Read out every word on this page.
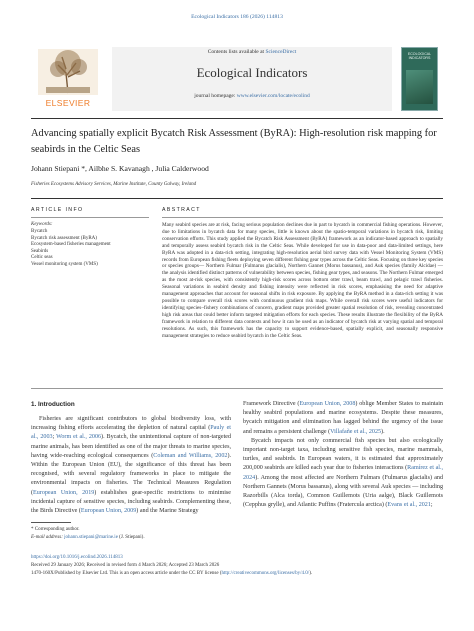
Ecological Indicators 186 (2026) 114813
ELSEVIER
Contents lists available at ScienceDirect
Ecological Indicators
journal homepage: www.elsevier.com/locate/ecolind
ECOLOGICAL INDICATORS
Advancing spatially explicit Bycatch Risk Assessment (ByRA): High-resolution risk mapping for seabirds in the Celtic Seas
Johann Stiepani *, Ailbhe S. Kavanagh , Julia Calderwood
Fisheries Ecosystems Advisory Services, Marine Institute, County Galway, Ireland
ARTICLE INFO	ABSTRACT
Keywords:
Bycatch
Bycatch risk assessment (ByRA)
Ecosystem-based fisheries management
Seabirds
Celtic seas
Vessel monitoring system (VMS)
Many seabird species are at risk, facing serious population declines due in part to bycatch in commercial fishing operations. However, due to limitations in bycatch data for many species, little is known about the spatio-temporal variations in bycatch risk, limiting conservation efforts. This study applied the Bycatch Risk Assessment (ByRA) framework as an indicator-based approach to spatially and temporally assess seabird bycatch risk in the Celtic Seas. While developed for use in data-poor and data-limited settings, here ByRA was adopted in a data-rich setting, integrating high-resolution aerial bird survey data with Vessel Monitoring System (VMS) records from European fishing fleets deploying seven different fishing gear types across the Celtic Seas. Focusing on three key species or species groups— Northern Fulmar (Fulmarus glacialis), Northern Gannet (Morus bassanus), and Auk species (family Alcidae) — the analysis identified distinct patterns of vulnerability between species, fishing gear types, and seasons. The Northern Fulmar emerged as the most at-risk species, with consistently high-risk scores across bottom otter trawl, beam trawl, and pelagic trawl fisheries. Seasonal variations in seabird density and fishing intensity were reflected in risk scores, emphasising the need for adaptive management approaches that account for seasonal shifts in risk exposure. By applying the ByRA method in a data-rich setting it was possible to compare overall risk scores with continuous gradient risk maps. While overall risk scores were useful indicators for identifying species–fishery combinations of concern, gradient maps provided greater spatial resolution of risk, revealing concentrated high risk areas that could better inform targeted mitigation efforts for each species. These results illustrate the flexibility of the ByRA framework in relation to different data contexts and how it can be used as an indicator of bycatch risk at varying spatial and temporal resolutions. As such, this framework has the capacity to support evidence-based, spatially explicit, and seasonally responsive management strategies to reduce seabird bycatch in the Celtic Seas.
1. Introduction
Fisheries are significant contributors to global biodiversity loss, with increasing fishing efforts accelerating the depletion of natural capital (Pauly et al., 2003; Worm et al., 2006). Bycatch, the unintentional capture of non-targeted marine animals, has been identified as one of the major threats to marine species, having wide-reaching ecological consequences (Coleman and Williams, 2002). Within the European Union (EU), the significance of this threat has been recognised, with several regulatory frameworks in place to mitigate the environmental impacts on fisheries. The Technical Measures Regulation (European Union, 2019) establishes gear-specific restrictions to minimise incidental capture of sensitive species, including seabirds. Complementing these, the Birds Directive (European Union, 2009) and the Marine Strategy
Framework Directive (European Union, 2008) oblige Member States to maintain healthy seabird populations and marine ecosystems. Despite these measures, bycatch mitigation and elimination has lagged behind the urgency of the issue and remains a persistent challenge (Villafañe et al., 2025).
Bycatch impacts not only commercial fish species but also ecologically important non-target taxa, including sensitive fish species, marine mammals, turtles, and seabirds. In European waters, it is estimated that approximately 200,000 seabirds are killed each year due to fisheries interactions (Ramírez et al., 2024). Among the most affected are Northern Fulmars (Fulmarus glacialis) and Northern Gannets (Morus bassanus), along with several Auk species — including Razorbills (Alca torda), Common Guillemots (Uria aalge), Black Guillemots (Cepphus grylle), and Atlantic Puffins (Fratercula arctica) (Evans et al., 2021;
* Corresponding author.
E-mail address: johann.stiepani@marine.ie (J. Stiepani).
https://doi.org/10.1016/j.ecolind.2026.114813
Received 29 January 2026; Received in revised form 4 March 2026; Accepted 23 March 2026
1470-160X/Published by Elsevier Ltd. This is an open access article under the CC BY license (http://creativecommons.org/licenses/by/4.0/).
